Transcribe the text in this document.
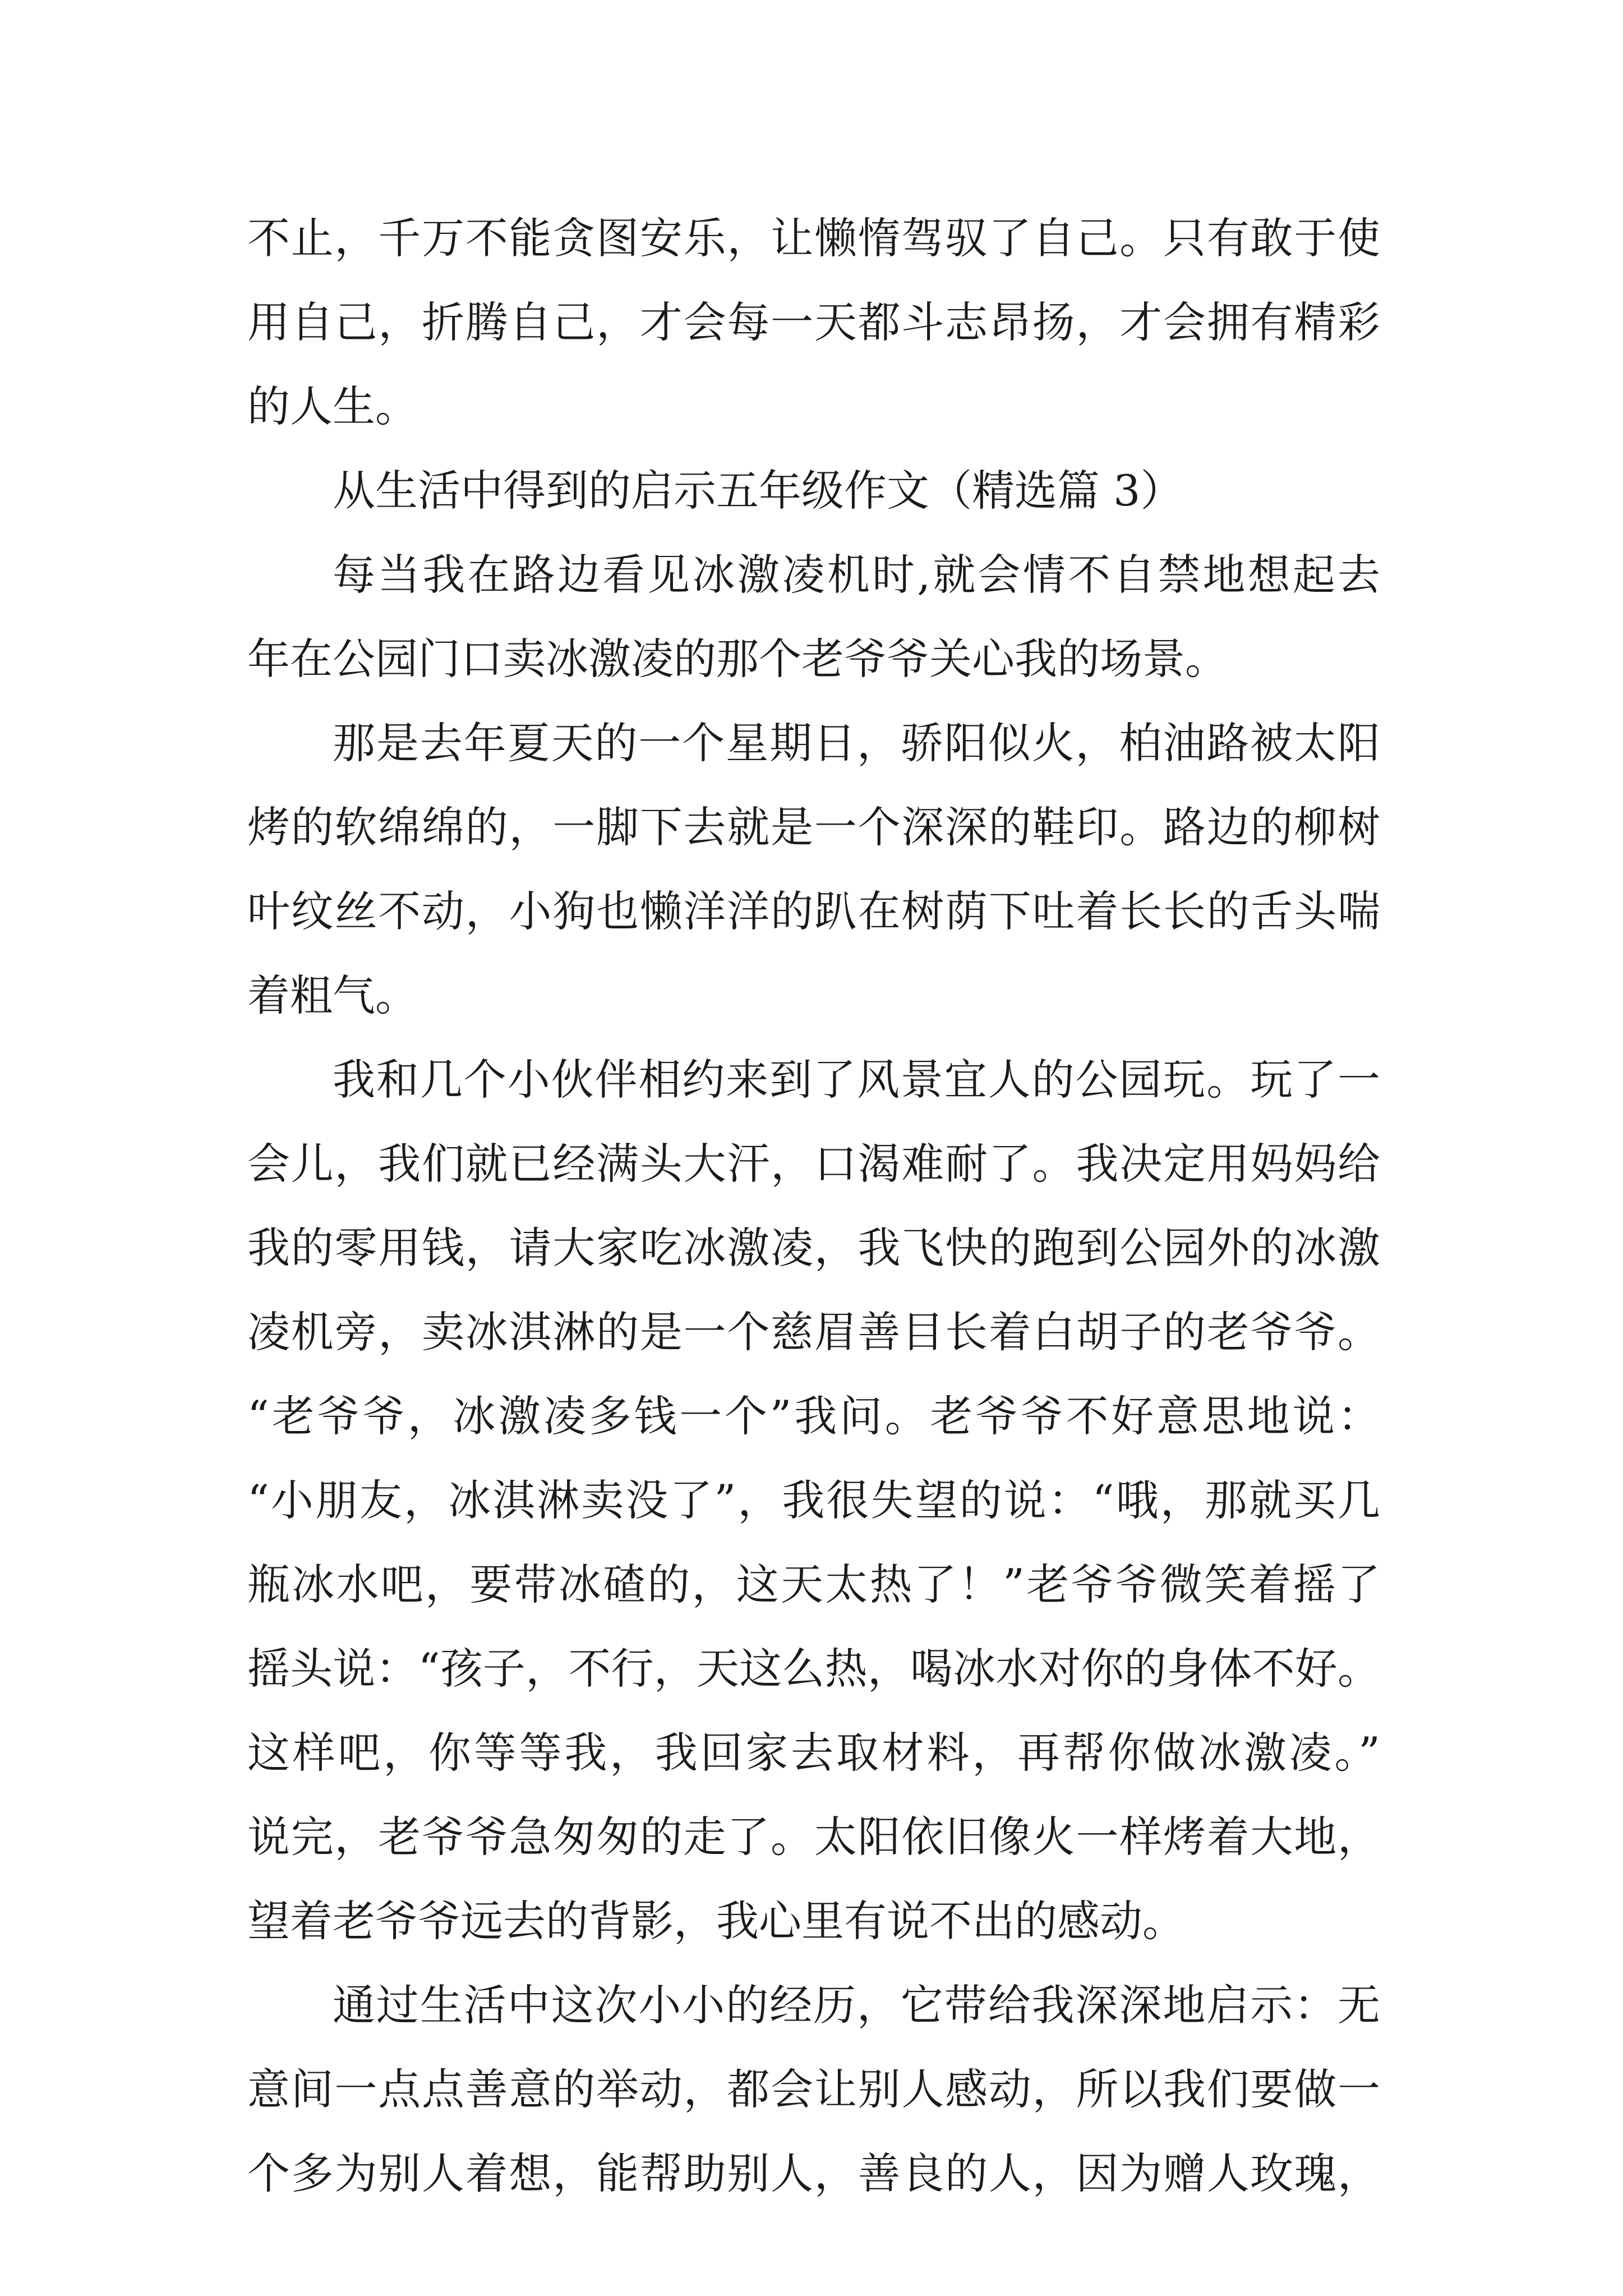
不止，千万不能贪图安乐，让懒惰驾驭了自己。只有敢于使
用自己，折腾自己，才会每一天都斗志昂扬，才会拥有精彩
的人生。
从生活中得到的启示五年级作文（精选篇 3）
每当我在路边看见冰激凌机时,就会情不自禁地想起去
年在公园门口卖冰激凌的那个老爷爷关心我的场景。
那是去年夏天的一个星期日，骄阳似火，柏油路被太阳
烤的软绵绵的，一脚下去就是一个深深的鞋印。路边的柳树
叶纹丝不动，小狗也懒洋洋的趴在树荫下吐着长长的舌头喘
着粗气。
我和几个小伙伴相约来到了风景宜人的公园玩。玩了一
会儿，我们就已经满头大汗，口渴难耐了。我决定用妈妈给
我的零用钱，请大家吃冰激凌，我飞快的跑到公园外的冰激
凌机旁，卖冰淇淋的是一个慈眉善目长着白胡子的老爷爷。
“老爷爷，冰激凌多钱一个”我问。老爷爷不好意思地说：
“小朋友，冰淇淋卖没了”，我很失望的说：“哦，那就买几
瓶冰水吧，要带冰碴的，这天太热了！”老爷爷微笑着摇了
摇头说：“孩子，不行，天这么热，喝冰水对你的身体不好。
这样吧，你等等我，我回家去取材料，再帮你做冰激凌。”
说完，老爷爷急匆匆的走了。太阳依旧像火一样烤着大地，
望着老爷爷远去的背影，我心里有说不出的感动。
通过生活中这次小小的经历，它带给我深深地启示：无
意间一点点善意的举动，都会让别人感动，所以我们要做一
个多为别人着想，能帮助别人，善良的人，因为赠人玫瑰，
